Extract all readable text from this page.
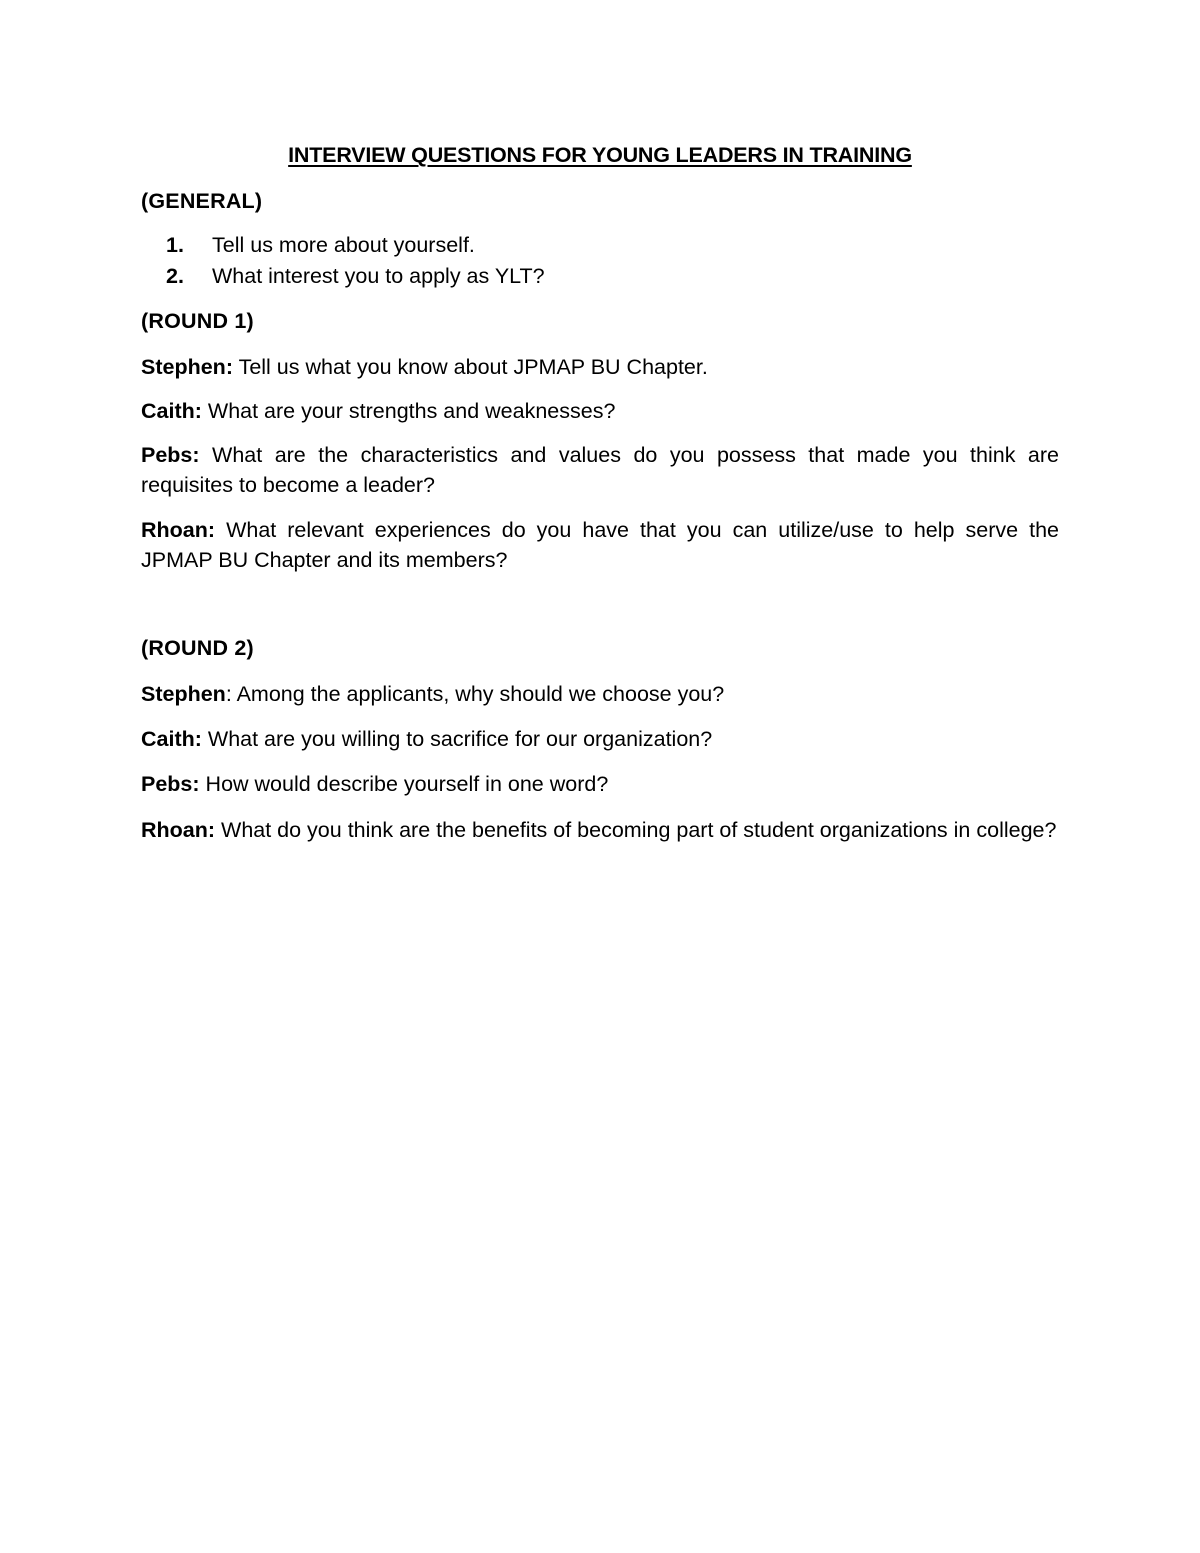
INTERVIEW QUESTIONS FOR YOUNG LEADERS IN TRAINING
(GENERAL)
1. Tell us more about yourself.
2. What interest you to apply as YLT?
(ROUND 1)

Stephen: Tell us what you know about JPMAP BU Chapter.

Caith: What are your strengths and weaknesses?

Pebs: What are the characteristics and values do you possess that made you think are requisites to become a leader?

Rhoan: What relevant experiences do you have that you can utilize/use to help serve the JPMAP BU Chapter and its members?

(ROUND 2)

Stephen: Among the applicants, why should we choose you?

Caith: What are you willing to sacrifice for our organization?

Pebs: How would describe yourself in one word?

Rhoan: What do you think are the benefits of becoming part of student organizations in college?
